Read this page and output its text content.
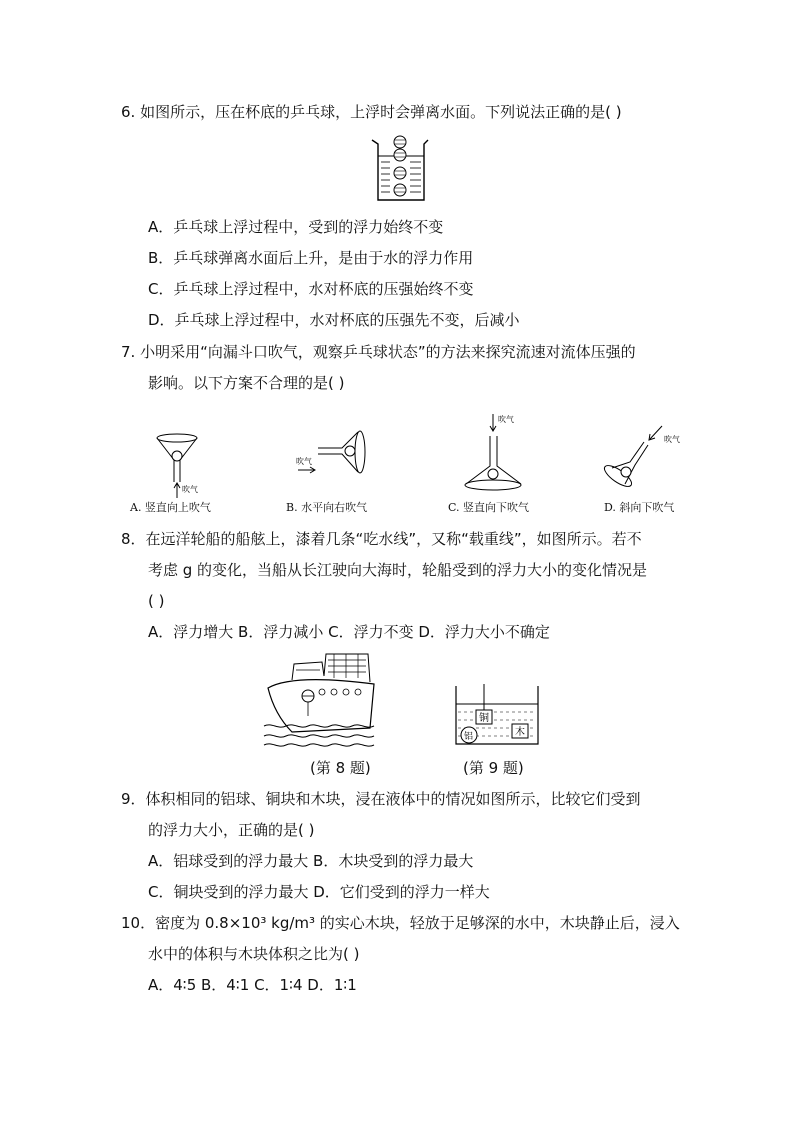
6. 如图所示，压在杯底的乒乓球，上浮时会弹离水面。下列说法正确的是( )
A．乒乓球上浮过程中，受到的浮力始终不变
B．乒乓球弹离水面后上升，是由于水的浮力作用
C．乒乓球上浮过程中，水对杯底的压强始终不变
D．乒乓球上浮过程中，水对杯底的压强先不变，后减小
7. 小明采用“向漏斗口吹气，观察乒乓球状态”的方法来探究流速对流体压强的
影响。以下方案不合理的是( )
吹气
吹气
吹气
吹气
A. 竖直向上吹气	B. 水平向右吹气	C. 竖直向下吹气	D. 斜向下吹气
8．在远洋轮船的船舷上，漆着几条“吃水线”，又称“载重线”，如图所示。若不
考虑 g 的变化，当船从长江驶向大海时，轮船受到的浮力大小的变化情况是
( )
A．浮力增大 B．浮力减小 C．浮力不变 D．浮力大小不确定
铜
铝	木
(第 8 题)	(第 9 题)
9．体积相同的铝球、铜块和木块，浸在液体中的情况如图所示，比较它们受到
的浮力大小，正确的是( )
A．铝球受到的浮力最大 B．木块受到的浮力最大
C．铜块受到的浮力最大 D．它们受到的浮力一样大
10．密度为 0.8×10³ kg/m³ 的实心木块，轻放于足够深的水中，木块静止后，浸入
水中的体积与木块体积之比为( )
A．4∶5 B．4∶1 C．1∶4 D．1∶1
